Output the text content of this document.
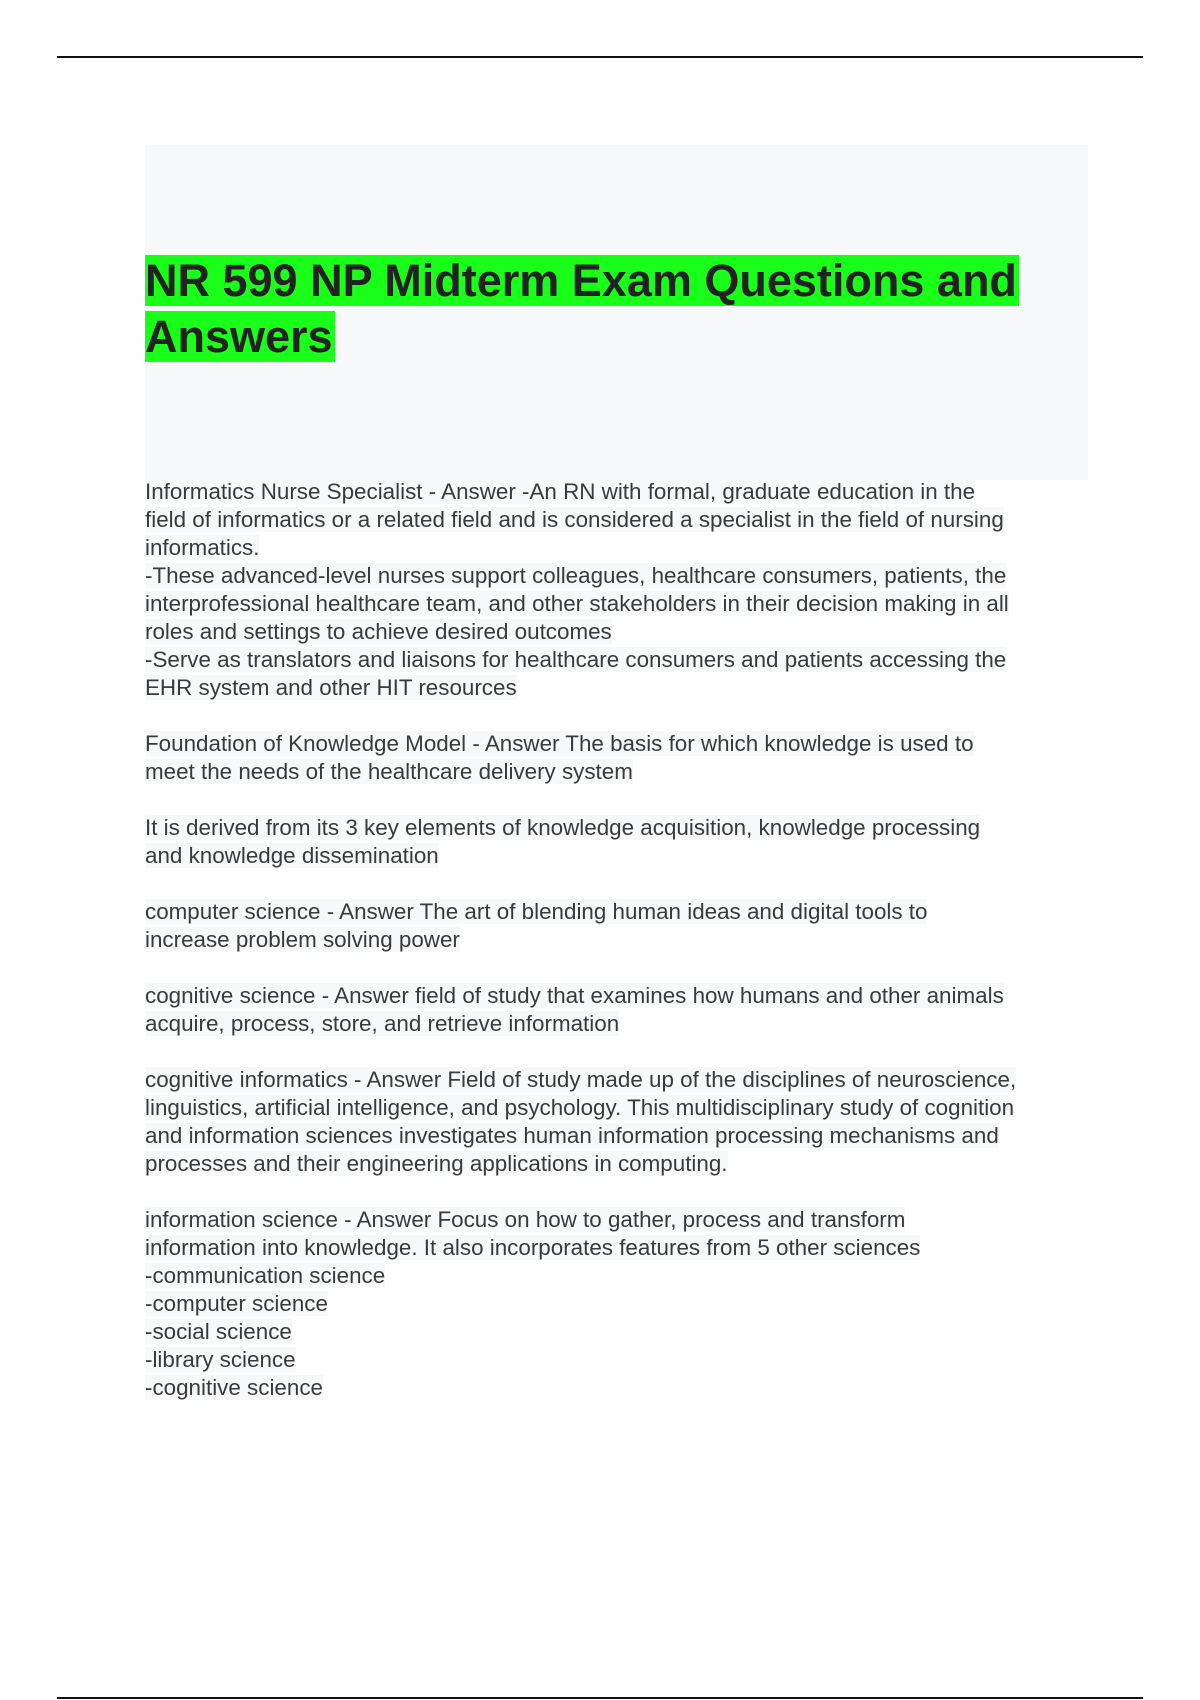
NR 599 NP Midterm Exam Questions and
Answers
Informatics Nurse Specialist - Answer -An RN with formal, graduate education in the
field of informatics or a related field and is considered a specialist in the field of nursing
informatics.
-These advanced-level nurses support colleagues, healthcare consumers, patients, the
interprofessional healthcare team, and other stakeholders in their decision making in all
roles and settings to achieve desired outcomes
-Serve as translators and liaisons for healthcare consumers and patients accessing the
EHR system and other HIT resources
Foundation of Knowledge Model - Answer The basis for which knowledge is used to
meet the needs of the healthcare delivery system
It is derived from its 3 key elements of knowledge acquisition, knowledge processing
and knowledge dissemination
computer science - Answer The art of blending human ideas and digital tools to
increase problem solving power
cognitive science - Answer field of study that examines how humans and other animals
acquire, process, store, and retrieve information
cognitive informatics - Answer Field of study made up of the disciplines of neuroscience,
linguistics, artificial intelligence, and psychology. This multidisciplinary study of cognition
and information sciences investigates human information processing mechanisms and
processes and their engineering applications in computing.
information science - Answer Focus on how to gather, process and transform
information into knowledge. It also incorporates features from 5 other sciences
-communication science
-computer science
-social science
-library science
-cognitive science
